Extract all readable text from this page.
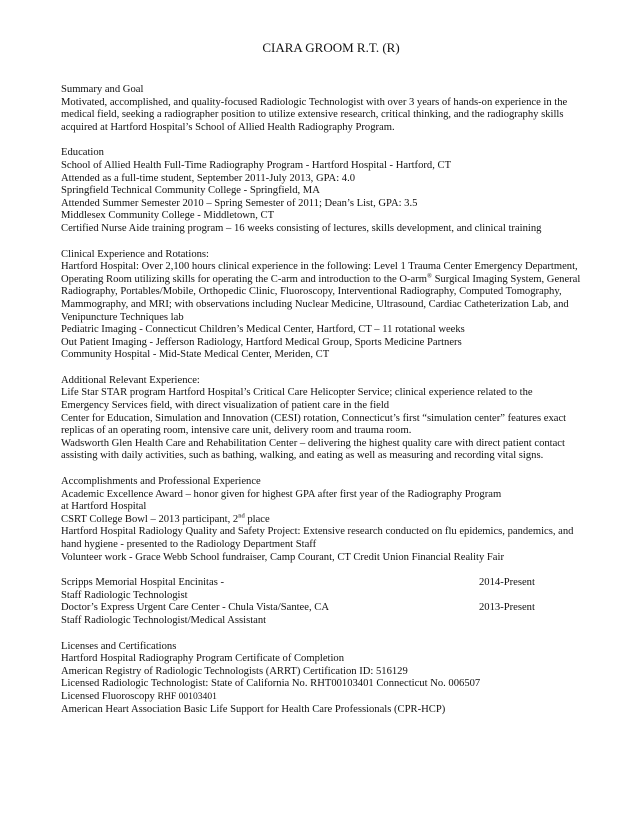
CIARA GROOM R.T. (R)
Summary and Goal
Motivated, accomplished, and quality-focused Radiologic Technologist with over 3 years of hands-on experience in the medical field, seeking a radiographer position to utilize extensive research, critical thinking, and the radiography skills acquired at Hartford Hospital’s School of Allied Health Radiography Program.
Education
School of Allied Health Full-Time Radiography Program - Hartford Hospital - Hartford, CT
Attended as a full-time student, September 2011-July 2013, GPA: 4.0
Springfield Technical Community College - Springfield, MA
Attended Summer Semester 2010 – Spring Semester of 2011; Dean’s List, GPA: 3.5
Middlesex Community College - Middletown, CT
Certified Nurse Aide training program – 16 weeks consisting of lectures, skills development, and clinical training
Clinical Experience and Rotations:
Hartford Hospital: Over 2,100 hours clinical experience in the following: Level 1 Trauma Center Emergency Department, Operating Room utilizing skills for operating the C-arm and introduction to the O-arm® Surgical Imaging System, General Radiography, Portables/Mobile, Orthopedic Clinic, Fluoroscopy, Interventional Radiography, Computed Tomography, Mammography, and MRI; with observations including Nuclear Medicine, Ultrasound, Cardiac Catheterization Lab, and Venipuncture Techniques lab
Pediatric Imaging - Connecticut Children’s Medical Center, Hartford, CT – 11 rotational weeks
Out Patient Imaging - Jefferson Radiology, Hartford Medical Group, Sports Medicine Partners
Community Hospital - Mid-State Medical Center, Meriden, CT
Additional Relevant Experience:
Life Star STAR program Hartford Hospital’s Critical Care Helicopter Service; clinical experience related to the Emergency Services field, with direct visualization of patient care in the field
Center for Education, Simulation and Innovation (CESI) rotation, Connecticut’s first “simulation center” features exact replicas of an operating room, intensive care unit, delivery room and trauma room.
Wadsworth Glen Health Care and Rehabilitation Center – delivering the highest quality care with direct patient contact assisting with daily activities, such as bathing, walking, and eating as well as measuring and recording vital signs.
Accomplishments and Professional Experience
Academic Excellence Award – honor given for highest GPA after first year of the Radiography Program
at Hartford Hospital
CSRT College Bowl – 2013 participant, 2nd place
Hartford Hospital Radiology Quality and Safety Project: Extensive research conducted on flu epidemics, pandemics, and hand hygiene - presented to the Radiology Department Staff
Volunteer work - Grace Webb School fundraiser, Camp Courant, CT Credit Union Financial Reality Fair
Scripps Memorial Hospital Encinitas -	2014-Present
Staff Radiologic Technologist
Doctor’s Express Urgent Care Center - Chula Vista/Santee, CA	2013-Present
Staff Radiologic Technologist/Medical Assistant
Licenses and Certifications
Hartford Hospital Radiography Program Certificate of Completion
American Registry of Radiologic Technologists (ARRT) Certification ID: 516129
Licensed Radiologic Technologist: State of California No. RHT00103401 Connecticut No. 006507
Licensed Fluoroscopy RHF 00103401
American Heart Association Basic Life Support for Health Care Professionals (CPR-HCP)
